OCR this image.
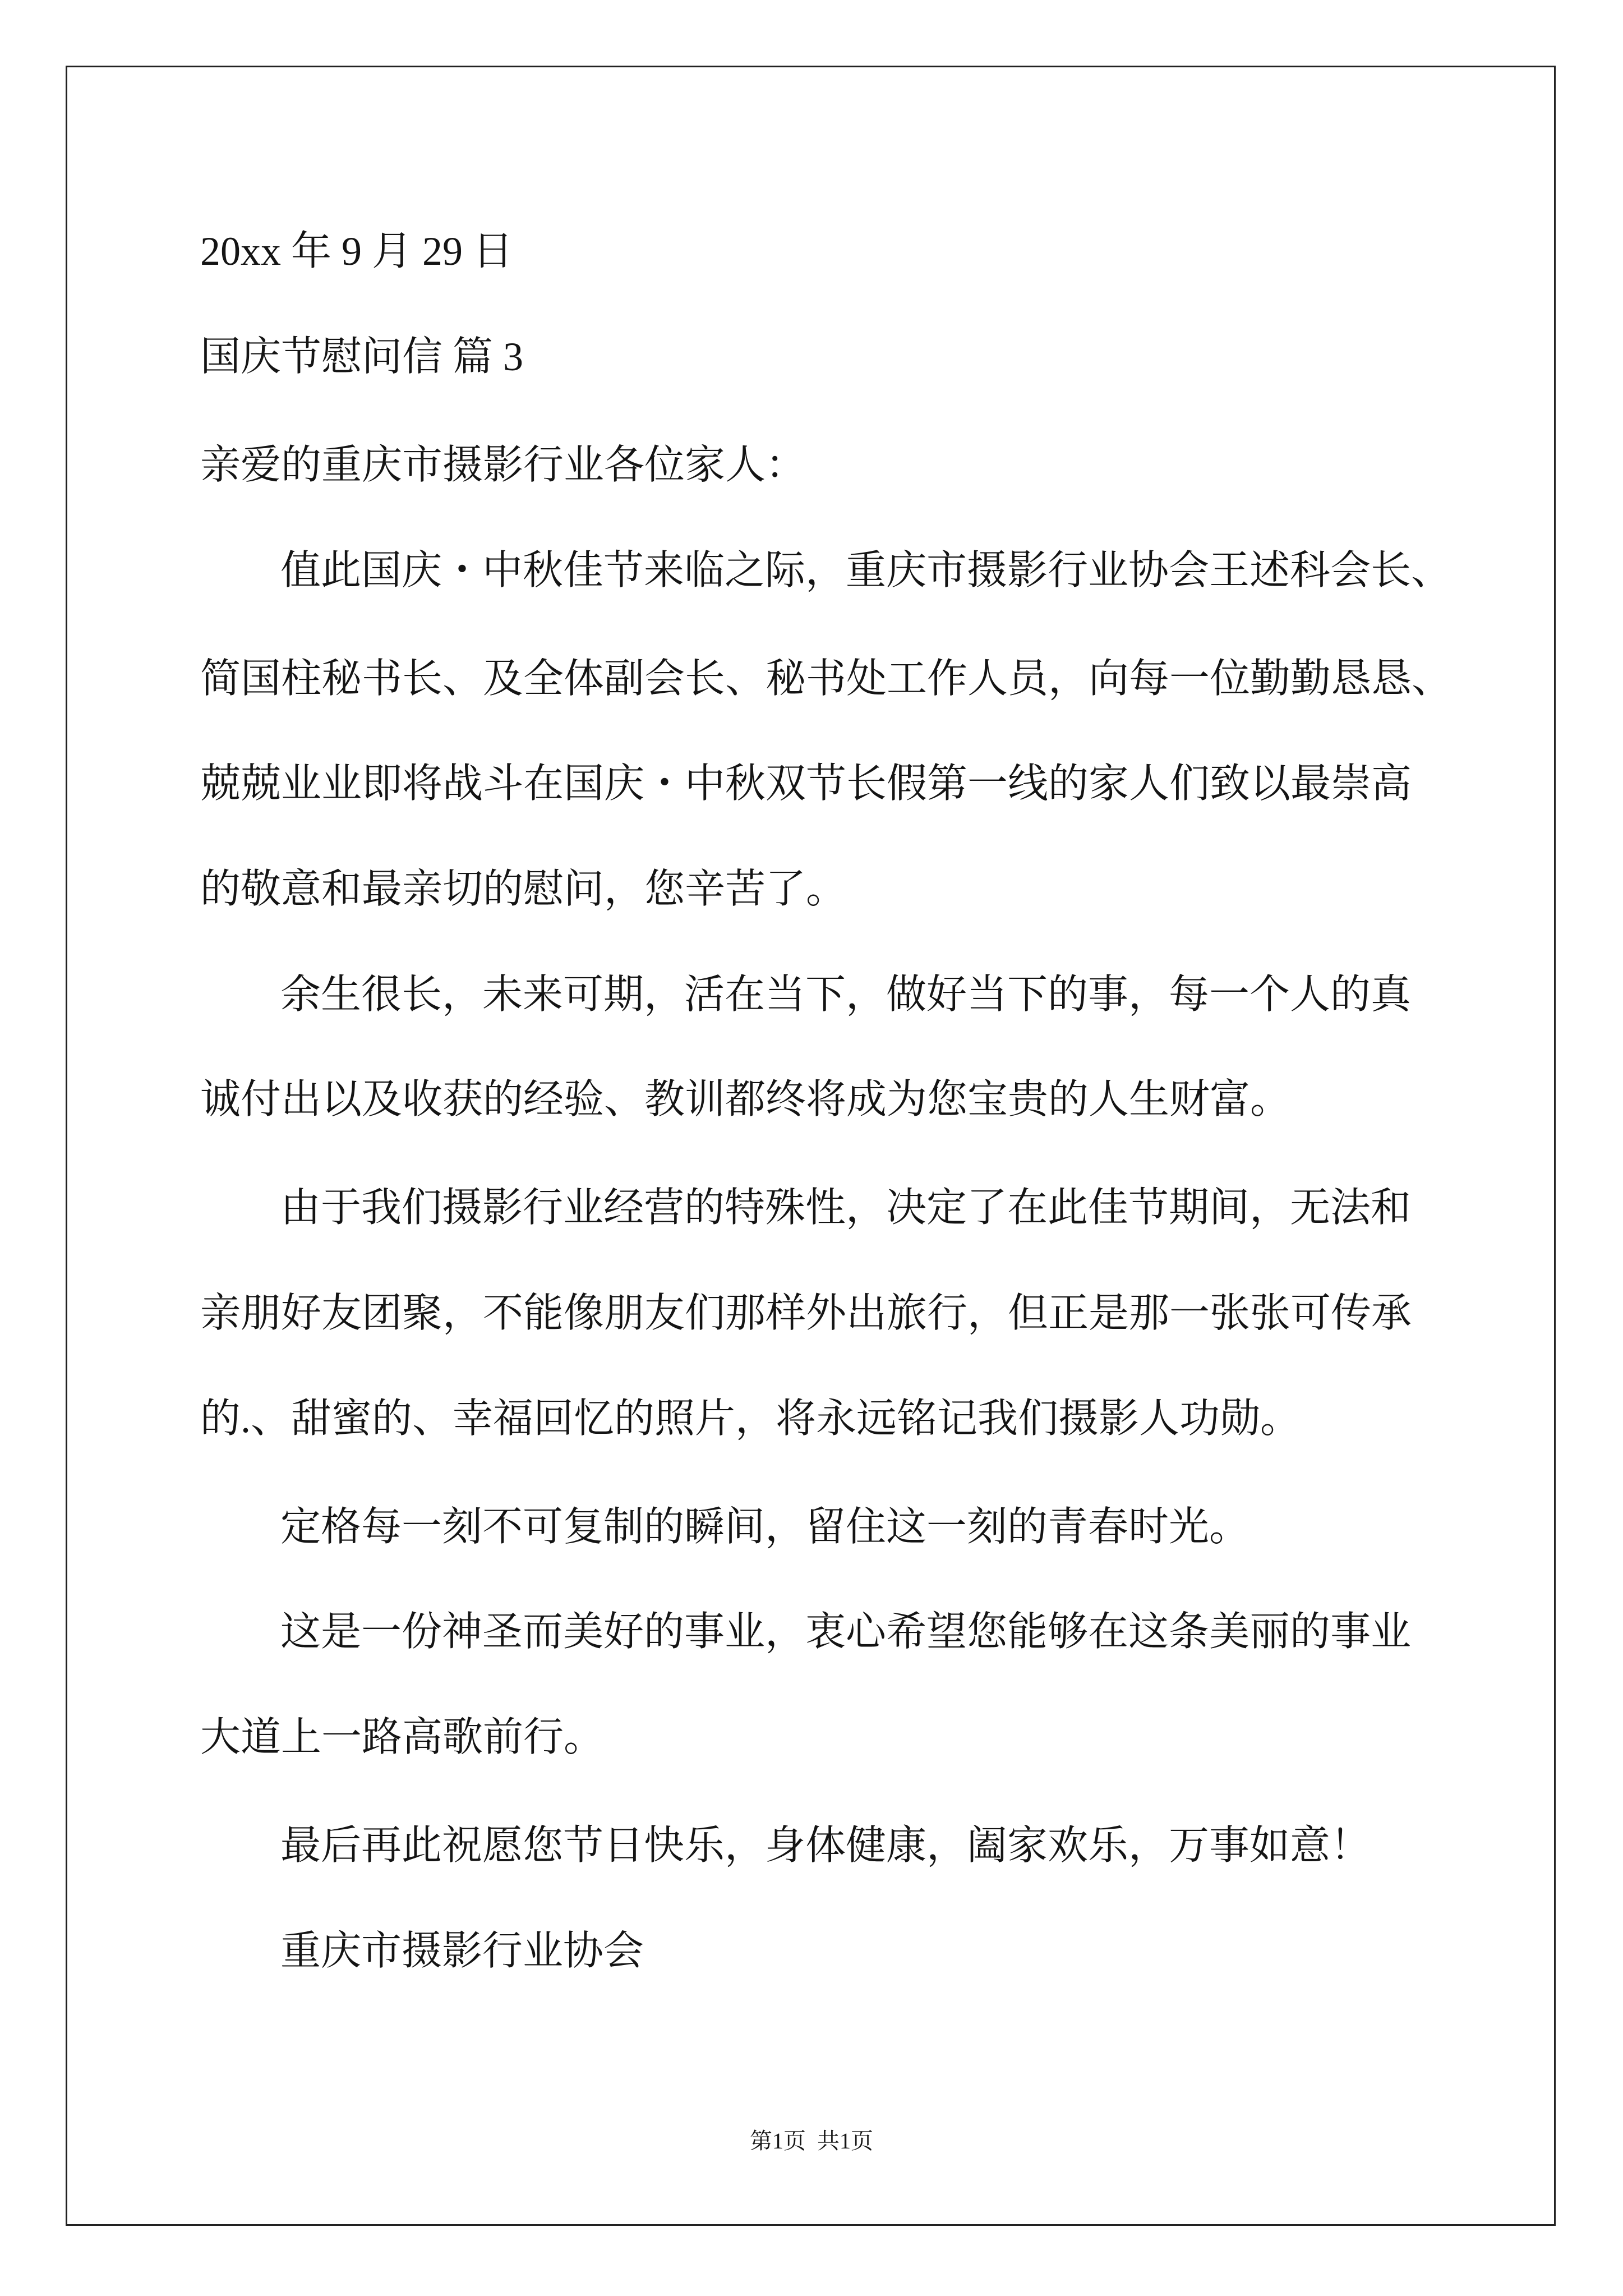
20xx 年 9 月 29 日
国庆节慰问信 篇 3
亲爱的重庆市摄影行业各位家人：
值此国庆・中秋佳节来临之际，重庆市摄影行业协会王述科会长、
简国柱秘书长、及全体副会长、秘书处工作人员，向每一位勤勤恳恳、
兢兢业业即将战斗在国庆・中秋双节长假第一线的家人们致以最崇高
的敬意和最亲切的慰问，您辛苦了。
余生很长，未来可期，活在当下，做好当下的事，每一个人的真
诚付出以及收获的经验、教训都终将成为您宝贵的人生财富。
由于我们摄影行业经营的特殊性，决定了在此佳节期间，无法和
亲朋好友团聚，不能像朋友们那样外出旅行，但正是那一张张可传承
的.、甜蜜的、幸福回忆的照片，将永远铭记我们摄影人功勋。
定格每一刻不可复制的瞬间，留住这一刻的青春时光。
这是一份神圣而美好的事业，衷心希望您能够在这条美丽的事业
大道上一路高歌前行。
最后再此祝愿您节日快乐，身体健康，阖家欢乐，万事如意！
重庆市摄影行业协会
第1页  共1页
